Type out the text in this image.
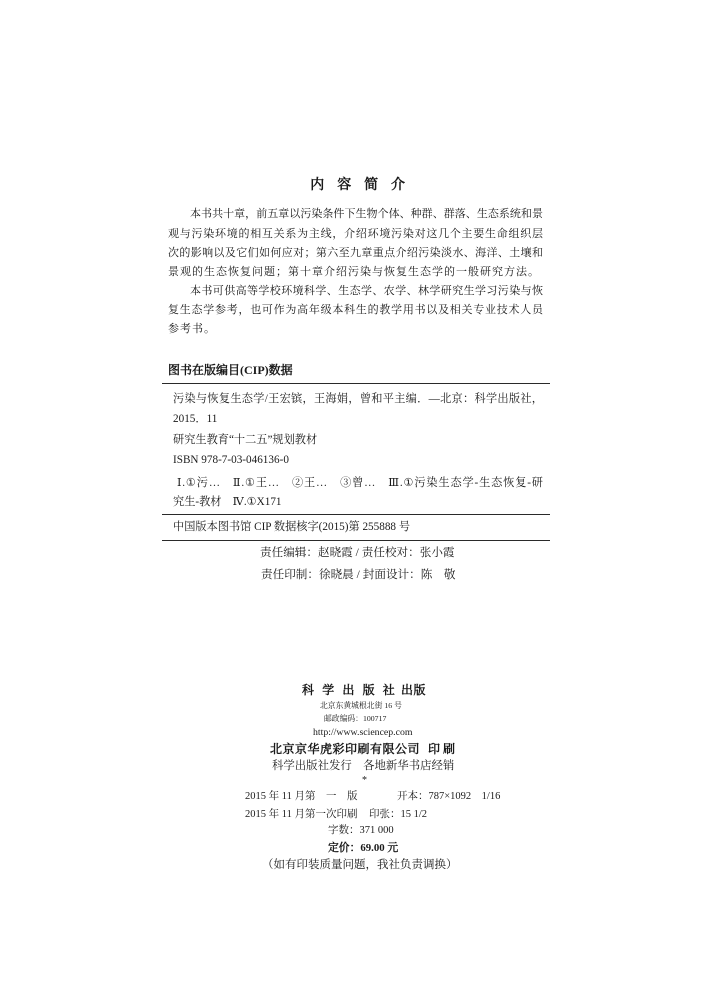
内 容 简 介
本书共十章，前五章以污染条件下生物个体、种群、群落、生态系统和景
观与污染环境的相互关系为主线，介绍环境污染对这几个主要生命组织层
次的影响以及它们如何应对；第六至九章重点介绍污染淡水、海洋、土壤和
景观的生态恢复问题；第十章介绍污染与恢复生态学的一般研究方法。
本书可供高等学校环境科学、生态学、农学、林学研究生学习污染与恢
复生态学参考，也可作为高年级本科生的教学用书以及相关专业技术人员
参考书。
图书在版编目(CIP)数据
污染与恢复生态学/王宏镔，王海娟，曾和平主编．—北京：科学出版社，
2015．11
研究生教育“十二五”规划教材
ISBN 978-7-03-046136-0
Ⅰ.①污…　Ⅱ.①王…　②王…　③曾…　Ⅲ.①污染生态学-生态恢复-研
究生-教材　Ⅳ.①X171
中国版本图书馆 CIP 数据核字(2015)第 255888 号
责任编辑：赵晓霞 / 责任校对：张小霞
责任印制：徐晓晨 / 封面设计：陈　敬
科 学 出 版 社 出版
北京东黄城根北街 16 号
邮政编码：100717
http://www.sciencep.com
北京京华虎彩印刷有限公司 印刷
科学出版社发行　各地新华书店经销
*
2015 年 11 月第　一　版	开本：787×1092　1/16
2015 年 11 月第一次印刷 印张：15 1/2
字数：371 000
定价：69.00 元
（如有印装质量问题，我社负责调换）
